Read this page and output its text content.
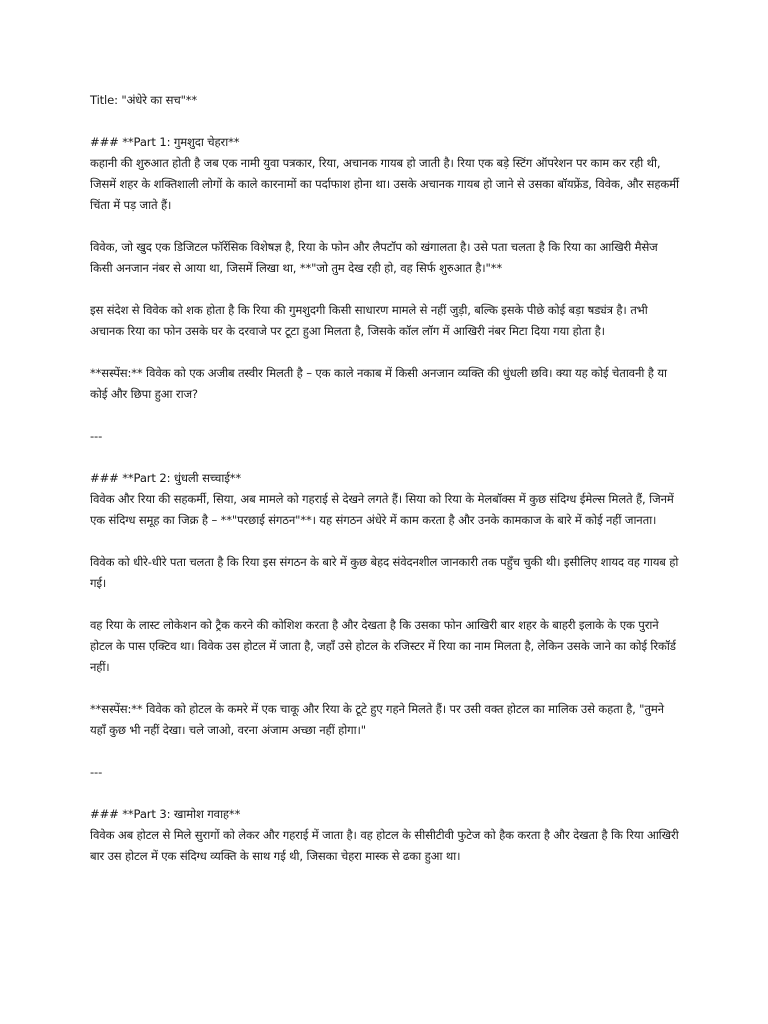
Title: "अंधेरे का सच"**

### **Part 1: गुमशुदा चेहरा**

कहानी की शुरुआत होती है जब एक नामी युवा पत्रकार, रिया, अचानक गायब हो जाती है। रिया एक बड़े स्टिंग ऑपरेशन पर काम कर रही थी, जिसमें शहर के शक्तिशाली लोगों के काले कारनामों का पर्दाफाश होना था। उसके अचानक गायब हो जाने से उसका बॉयफ्रेंड, विवेक, और सहकर्मी चिंता में पड़ जाते हैं।

विवेक, जो खुद एक डिजिटल फॉरेंसिक विशेषज्ञ है, रिया के फोन और लैपटॉप को खंगालता है। उसे पता चलता है कि रिया का आखिरी मैसेज किसी अनजान नंबर से आया था, जिसमें लिखा था, **"जो तुम देख रही हो, वह सिर्फ शुरुआत है।"**

इस संदेश से विवेक को शक होता है कि रिया की गुमशुदगी किसी साधारण मामले से नहीं जुड़ी, बल्कि इसके पीछे कोई बड़ा षड्यंत्र है। तभी अचानक रिया का फोन उसके घर के दरवाजे पर टूटा हुआ मिलता है, जिसके कॉल लॉग में आखिरी नंबर मिटा दिया गया होता है।

**सस्पेंस:** विवेक को एक अजीब तस्वीर मिलती है – एक काले नकाब में किसी अनजान व्यक्ति की धुंधली छवि। क्या यह कोई चेतावनी है या कोई और छिपा हुआ राज?

---

### **Part 2: धुंधली सच्चाई**

विवेक और रिया की सहकर्मी, सिया, अब मामले को गहराई से देखने लगते हैं। सिया को रिया के मेलबॉक्स में कुछ संदिग्ध ईमेल्स मिलते हैं, जिनमें एक संदिग्ध समूह का जिक्र है – **"परछाई संगठन"**। यह संगठन अंधेरे में काम करता है और उनके कामकाज के बारे में कोई नहीं जानता।

विवेक को धीरे-धीरे पता चलता है कि रिया इस संगठन के बारे में कुछ बेहद संवेदनशील जानकारी तक पहुँच चुकी थी। इसीलिए शायद वह गायब हो गई।

वह रिया के लास्ट लोकेशन को ट्रैक करने की कोशिश करता है और देखता है कि उसका फोन आखिरी बार शहर के बाहरी इलाके के एक पुराने होटल के पास एक्टिव था। विवेक उस होटल में जाता है, जहाँ उसे होटल के रजिस्टर में रिया का नाम मिलता है, लेकिन उसके जाने का कोई रिकॉर्ड नहीं।

**सस्पेंस:** विवेक को होटल के कमरे में एक चाकू और रिया के टूटे हुए गहने मिलते हैं। पर उसी वक्त होटल का मालिक उसे कहता है, "तुमने यहाँ कुछ भी नहीं देखा। चले जाओ, वरना अंजाम अच्छा नहीं होगा।"

---

### **Part 3: खामोश गवाह**

विवेक अब होटल से मिले सुरागों को लेकर और गहराई में जाता है। वह होटल के सीसीटीवी फुटेज को हैक करता है और देखता है कि रिया आखिरी बार उस होटल में एक संदिग्ध व्यक्ति के साथ गई थी, जिसका चेहरा मास्क से ढका हुआ था।
